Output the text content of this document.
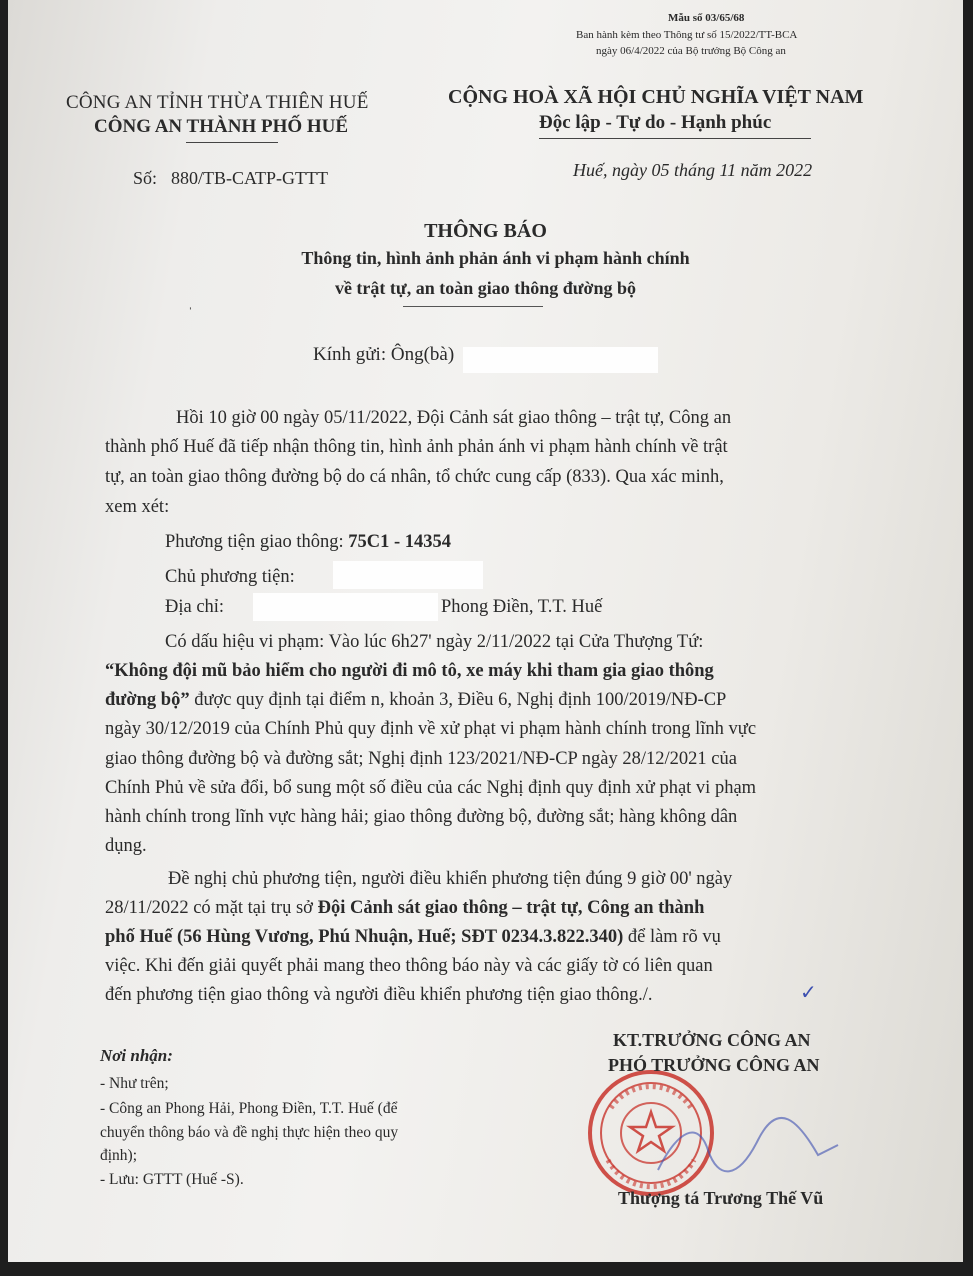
Mẫu số 03/65/68
Ban hành kèm theo Thông tư số 15/2022/TT-BCA
ngày 06/4/2022 của Bộ trưởng Bộ Công an
CÔNG AN TỈNH THỪA THIÊN HUẾ
CÔNG AN THÀNH PHỐ HUẾ
CỘNG HOÀ XÃ HỘI CHỦ NGHĨA VIỆT NAM
Độc lập - Tự do - Hạnh phúc
Số: 880/TB-CATP-GTTT	Huế, ngày 05 tháng 11 năm 2022
THÔNG BÁO
Thông tin, hình ảnh phản ánh vi phạm hành chính
về trật tự, an toàn giao thông đường bộ
ˈ
Kính gửi: Ông(bà)
Hồi 10 giờ 00 ngày 05/11/2022, Đội Cảnh sát giao thông – trật tự, Công an
thành phố Huế đã tiếp nhận thông tin, hình ảnh phản ánh vi phạm hành chính về trật
tự, an toàn giao thông đường bộ do cá nhân, tổ chức cung cấp (833). Qua xác minh,
xem xét:
Phương tiện giao thông: 75C1 - 14354
Chủ phương tiện:
Địa chỉ:	Phong Điền, T.T. Huế
Có dấu hiệu vi phạm: Vào lúc 6h27' ngày 2/11/2022 tại Cửa Thượng Tứ:
“Không đội mũ bảo hiểm cho người đi mô tô, xe máy khi tham gia giao thông
đường bộ” được quy định tại điểm n, khoản 3, Điều 6, Nghị định 100/2019/NĐ-CP
ngày 30/12/2019 của Chính Phủ quy định về xử phạt vi phạm hành chính trong lĩnh vực
giao thông đường bộ và đường sắt; Nghị định 123/2021/NĐ-CP ngày 28/12/2021 của
Chính Phủ về sửa đổi, bổ sung một số điều của các Nghị định quy định xử phạt vi phạm
hành chính trong lĩnh vực hàng hải; giao thông đường bộ, đường sắt; hàng không dân
dụng.
Đề nghị chủ phương tiện, người điều khiển phương tiện đúng 9 giờ 00' ngày
28/11/2022 có mặt tại trụ sở Đội Cảnh sát giao thông – trật tự, Công an thành
phố Huế (56 Hùng Vương, Phú Nhuận, Huế; SĐT 0234.3.822.340) để làm rõ vụ
việc. Khi đến giải quyết phải mang theo thông báo này và các giấy tờ có liên quan
đến phương tiện giao thông và người điều khiển phương tiện giao thông./.	✓
Nơi nhận:
- Như trên;
- Công an Phong Hải, Phong Điền, T.T. Huế (để
chuyển thông báo và đề nghị thực hiện theo quy
định);
- Lưu: GTTT (Huế -S).
KT.TRƯỞNG CÔNG AN
PHÓ TRƯỞNG CÔNG AN
Thượng tá Trương Thế Vũ
